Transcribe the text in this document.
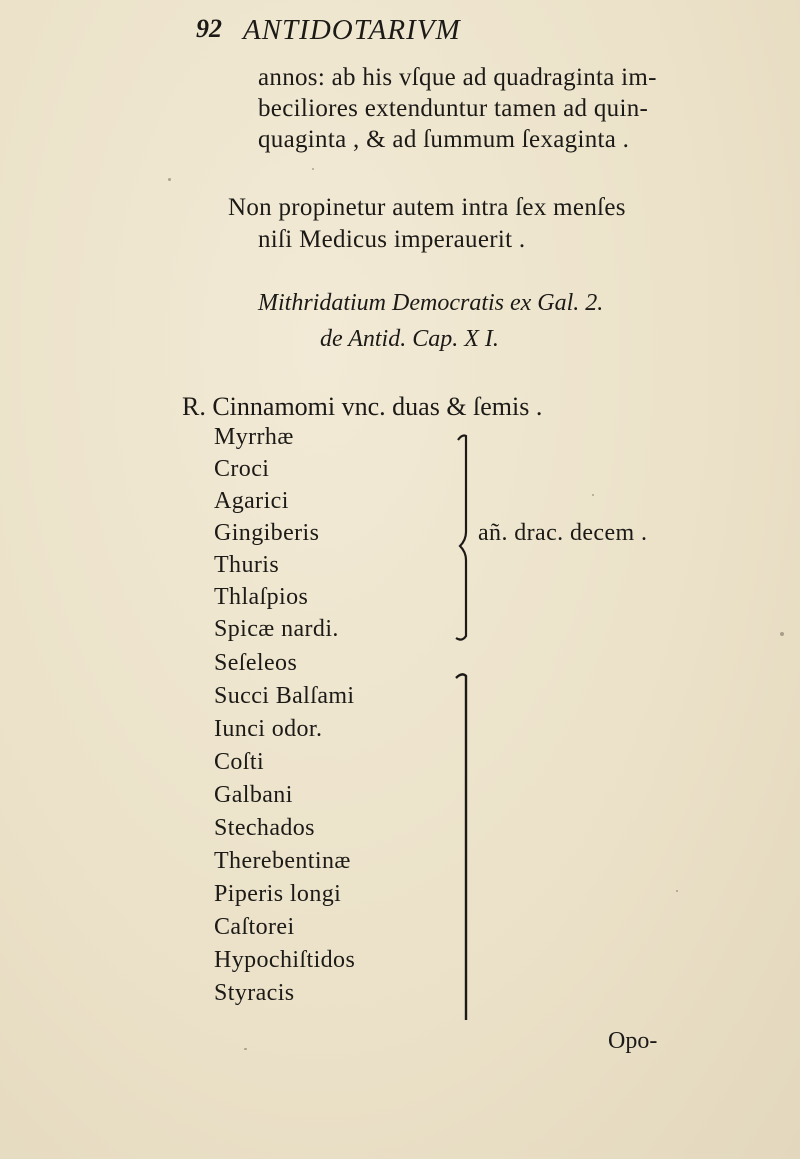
92 ANTIDOTARIVM
annos: ab his vſque ad quadraginta im-
beciliores extenduntur tamen ad quin-
quaginta , & ad ſummum ſexaginta .
Non propinetur autem intra ſex menſes
niſi Medicus imperauerit .
Mithridatium Democratis ex Gal. 2.
de Antid. Cap. X I.
R. Cinnamomi vnc. duas & ſemis .
Myrrhæ
Croci
Agarici
Gingiberis
Thuris
Thlaſpios
Spicæ nardi.
añ. drac. decem .
Seſeleos
Succi Balſami
Iunci odor.
Coſti
Galbani
Stechados
Therebentinæ
Piperis longi
Caſtorei
Hypochiſtidos
Styracis
Opo-
